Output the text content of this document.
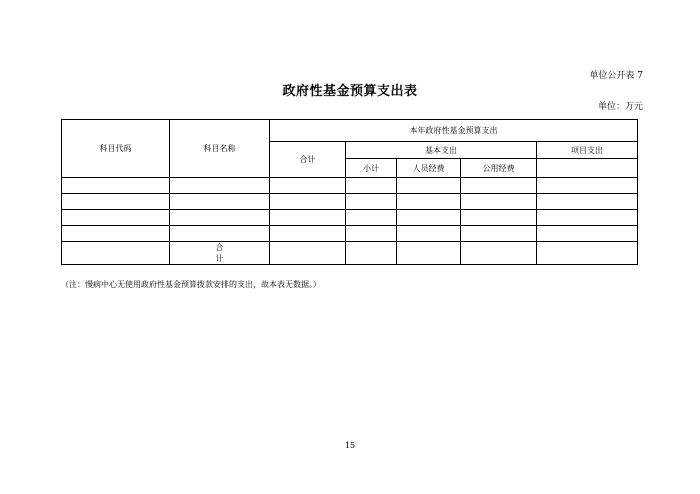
单位公开表 7
政府性基金预算支出表
单位：万元
科目代码	科目名称	本年政府性基金预算支出				
		合计	基本支出			项目支出
			小计	人员经费	公用经费	

	合计					
（注：慢病中心无使用政府性基金预算拨款安排的支出，故本表无数据。）
15
